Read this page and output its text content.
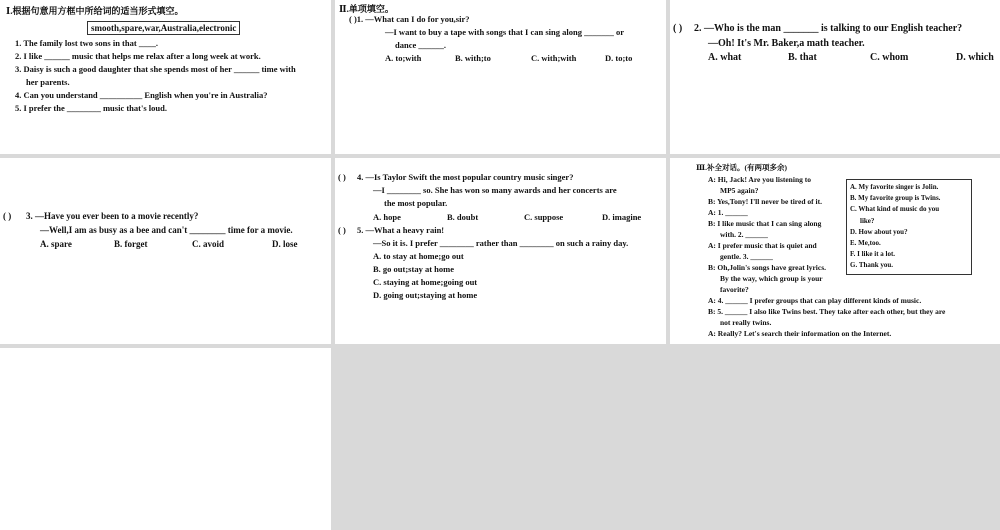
Ⅰ.根据句意用方框中所给词的适当形式填空。
smooth,spare,war,Australia,electronic
1. The family lost two sons in that ____.
2. I like ______ music that helps me relax after a long week at work.
3. Daisy is such a good daughter that she spends most of her ______ time with
her parents.
4. Can you understand __________ English when you're in Australia?
5. I prefer the ________ music that's loud.
Ⅱ.单项填空。
( )1. —What can I do for you,sir?
—I want to buy a tape with songs that I can sing along _______ or
dance ______.
A. to;with	B. with;to	C. with;with	D. to;to
( ) 2. —Who is the man _______ is talking to our English teacher?
—Oh! It's Mr. Baker,a math teacher.
A. what	B. that	C. whom	D. which
( ) 3. —Have you ever been to a movie recently?
—Well,I am as busy as a bee and can't ________ time for a movie.
A. spare	B. forget	C. avoid	D. lose
( ) 4. —Is Taylor Swift the most popular country music singer?
—I ________ so. She has won so many awards and her concerts are
the most popular.
A. hope	B. doubt	C. suppose	D. imagine
( ) 5. —What a heavy rain!
—So it is. I prefer ________ rather than ________ on such a rainy day.
A. to stay at home;go out
B. go out;stay at home
C. staying at home;going out
D. going out;staying at home
Ⅲ.补全对话。(有两项多余)
A: Hi, Jack! Are you listening to
MP5 again?
B: Yes,Tony! I'll never be tired of it.
A: 1. ______
B: I like music that I can sing along
with. 2. ______
A: I prefer music that is quiet and
gentle. 3. ______
B: Oh,Jolin's songs have great lyrics.
By the way, which group is your
favorite?
A: 4. ______ I prefer groups that can play different kinds of music.
B: 5. ______ I also like Twins best. They take after each other, but they are
not really twins.
A: Really? Let's search their information on the Internet.
A. My favorite singer is Jolin.
B. My favorite group is Twins.
C. What kind of music do you
like?
D. How about you?
E. Me,too.
F. I like it a lot.
G. Thank you.
